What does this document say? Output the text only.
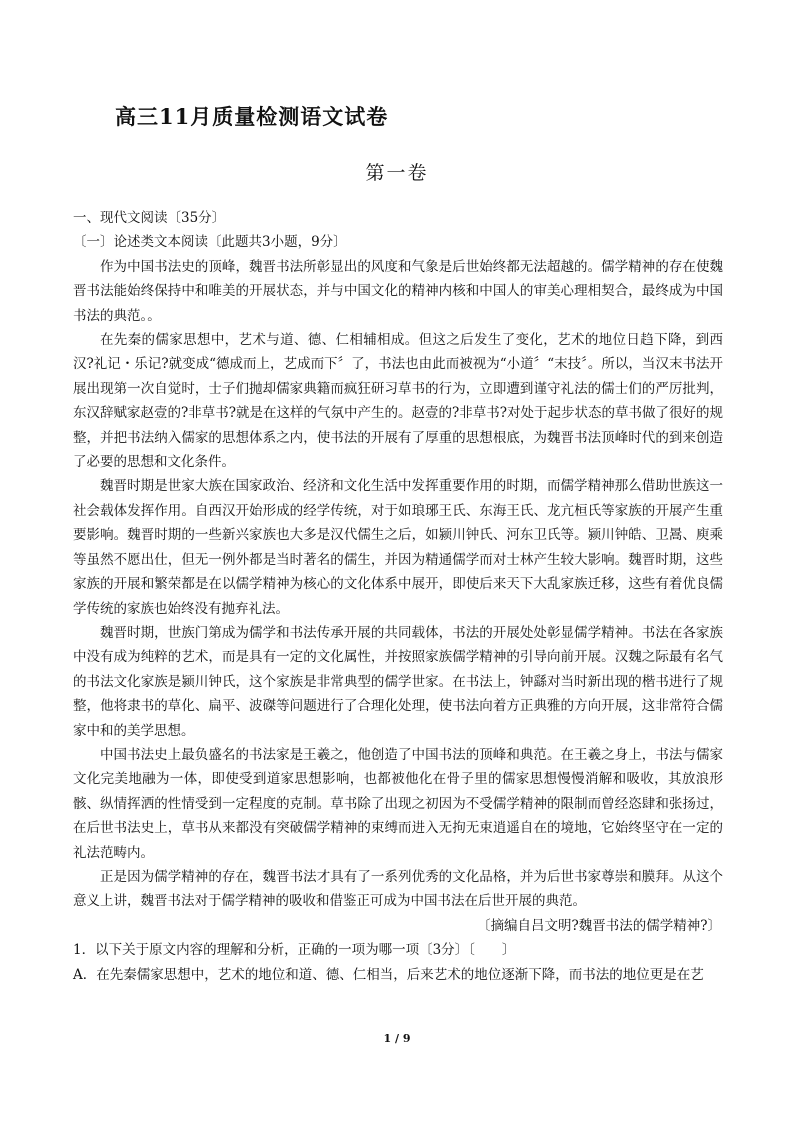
高三11月质量检测语文试卷
第一卷

一、现代文阅读〔35分〕

〔一〕论述类文本阅读〔此题共3小题，9分〕

作为中国书法史的顶峰，魏晋书法所彰显出的风度和气象是后世始终都无法超越的。儒学精神的存在使魏晋书法能始终保持中和唯美的开展状态，并与中国文化的精神内核和中国人的审美心理相契合，最终成为中国书法的典范。。

在先秦的儒家思想中，艺术与道、德、仁相辅相成。但这之后发生了变化，艺术的地位日趋下降，到西汉?礼记・乐记?就变成“德成而上，艺成而下〞了，书法也由此而被视为“小道〞“末技〞。所以，当汉末书法开展出现第一次自觉时，士子们抛却儒家典籍而疯狂研习草书的行为，立即遭到谨守礼法的儒士们的严厉批判，东汉辞赋家赵壹的?非草书?就是在这样的气氛中产生的。赵壹的?非草书?对处于起步状态的草书做了很好的规整，并把书法纳入儒家的思想体系之内，使书法的开展有了厚重的思想根底，为魏晋书法顶峰时代的到来创造了必要的思想和文化条件。

魏晋时期是世家大族在国家政治、经济和文化生活中发挥重要作用的时期，而儒学精神那么借助世族这一社会载体发挥作用。自西汉开始形成的经学传统，对于如琅琊王氏、东海王氏、龙亢桓氏等家族的开展产生重要影响。魏晋时期的一些新兴家族也大多是汉代儒生之后，如颍川钟氏、河东卫氏等。颍川钟皓、卫暠、庾乘等虽然不愿出仕，但无一例外都是当时著名的儒生，并因为精通儒学而对士林产生较大影响。魏晋时期，这些家族的开展和繁荣都是在以儒学精神为核心的文化体系中展开，即使后来天下大乱家族迁移，这些有着优良儒学传统的家族也始终没有抛弃礼法。

魏晋时期，世族门第成为儒学和书法传承开展的共同载体，书法的开展处处彰显儒学精神。书法在各家族中没有成为纯粹的艺术，而是具有一定的文化属性，并按照家族儒学精神的引导向前开展。汉魏之际最有名气的书法文化家族是颍川钟氏，这个家族是非常典型的儒学世家。在书法上，钟繇对当时新出现的楷书进行了规整，他将隶书的草化、扁平、波磔等问题进行了合理化处理，使书法向着方正典雅的方向开展，这非常符合儒家中和的美学思想。

中国书法史上最负盛名的书法家是王羲之，他创造了中国书法的顶峰和典范。在王羲之身上，书法与儒家文化完美地融为一体，即使受到道家思想影响，也都被他化在骨子里的儒家思想慢慢消解和吸收，其放浪形骸、纵情挥洒的性情受到一定程度的克制。草书除了出现之初因为不受儒学精神的限制而曾经恣肆和张扬过，在后世书法史上，草书从来都没有突破儒学精神的束缚而进入无拘无束逍遥自在的境地，它始终坚守在一定的礼法范畴内。

正是因为儒学精神的存在，魏晋书法才具有了一系列优秀的文化品格，并为后世书家尊崇和膜拜。从这个意义上讲，魏晋书法对于儒学精神的吸收和借鉴正可成为中国书法在后世开展的典范。

〔摘编自吕文明?魏晋书法的儒学精神?〕

1．以下关于原文内容的理解和分析，正确的一项为哪一项〔3分〕〔　　〕

A．在先秦儒家思想中，艺术的地位和道、德、仁相当，后来艺术的地位逐渐下降，而书法的地位更是在艺

1 / 9
